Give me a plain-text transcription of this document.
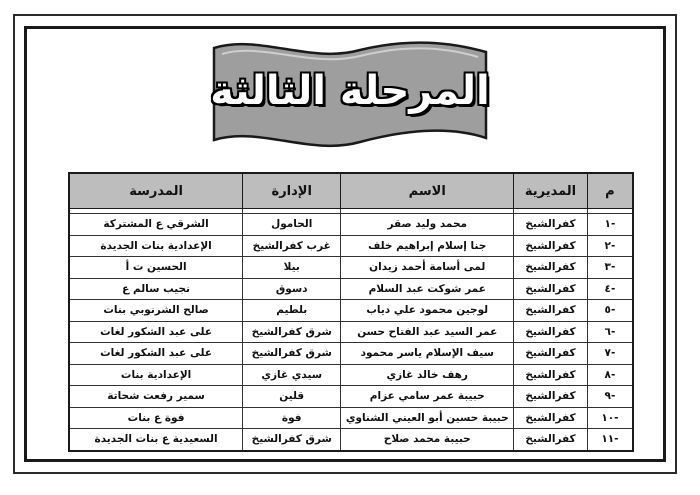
المرحلة الثالثة
م	المديرية	الاسم	الإدارة	المدرسة

-١	كفرالشيخ	محمد وليد صقر	الحامول	الشرقي ع المشتركة
-٢	كفرالشيخ	جنا إسلام إبراهيم خلف	غرب كفرالشيخ	الإعدادية بنات الجديدة
-٣	كفرالشيخ	لمى أسامة أحمد زيدان	بيلا	الحسين ت أ
-٤	كفرالشيخ	عمر شوكت عبد السلام	دسوق	نجيب سالم ع
-٥	كفرالشيخ	لوجين محمود علي دياب	بلطيم	صالح الشرنوبي بنات
-٦	كفرالشيخ	عمر السيد عبد الفتاح حسن	شرق كفرالشيخ	على عبد الشكور لغات
-٧	كفرالشيخ	سيف الإسلام ياسر محمود	شرق كفرالشيخ	على عبد الشكور لغات
-٨	كفرالشيخ	رهف خالد غازي	سيدي غازي	الإعدادية بنات
-٩	كفرالشيخ	حبيبة عمر سامي عزام	قلين	سمير رفعت شحاتة
-١٠	كفرالشيخ	حبيبة حسين أبو العيني الشناوي	فوة	فوة ع بنات
-١١	كفرالشيخ	حبيبة محمد صلاح	شرق كفرالشيخ	السعيدية ع بنات الجديدة
